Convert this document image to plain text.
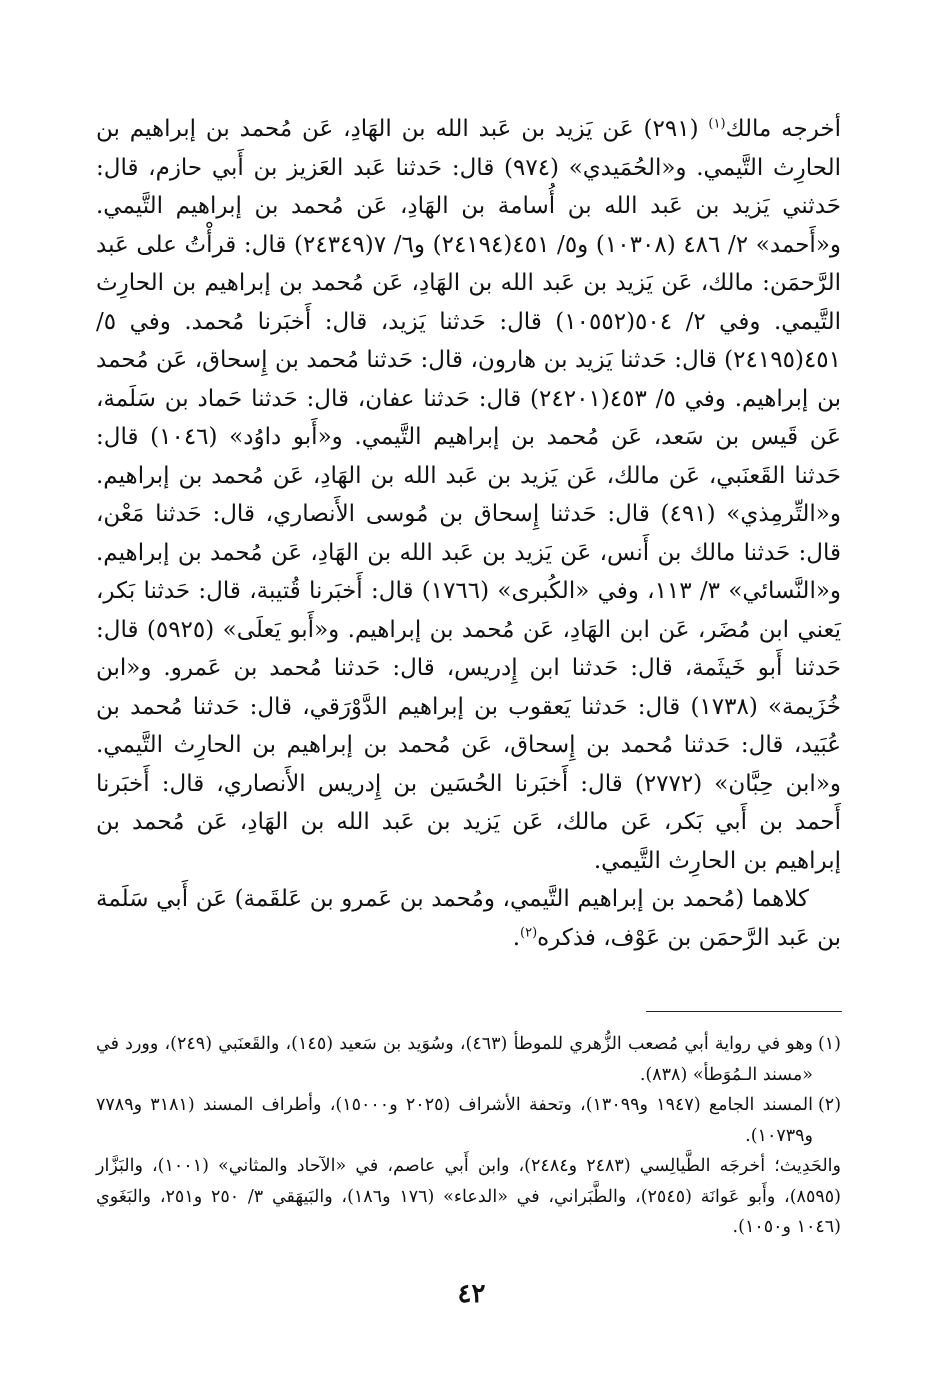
أخرجه مالك$^{(١)}$ (٢٩١) عَن يَزيد بن عَبد الله بن الهَادِ، عَن مُحمد بن إبراهيم بن الحارِث التَّيمي. و«الحُمَيدي» (٩٧٤) قال: حَدثنا عَبد العَزيز بن أَبي حازم، قال: حَدثني يَزيد بن عَبد الله بن أُسامة بن الهَادِ، عَن مُحمد بن إبراهيم التَّيمي. و«أَحمد» ٢/ ٤٨٦ (١٠٣٠٨) و٥/ ٤٥١(٢٤١٩٤) و٦/ ٧(٢٤٣٤٩) قال: قرأْتُ على عَبد الرَّحمَن: مالك، عَن يَزيد بن عَبد الله بن الهَادِ، عَن مُحمد بن إبراهيم بن الحارِث التَّيمي. وفي ٢/ ٥٠٤(١٠٥٥٢) قال: حَدثنا يَزيد، قال: أَخبَرنا مُحمد. وفي ٥/ ٤٥١(٢٤١٩٥) قال: حَدثنا يَزيد بن هارون، قال: حَدثنا مُحمد بن إِسحاق، عَن مُحمد بن إبراهيم. وفي ٥/ ٤٥٣(٢٤٢٠١) قال: حَدثنا عفان، قال: حَدثنا حَماد بن سَلَمة، عَن قَيس بن سَعد، عَن مُحمد بن إبراهيم التَّيمي. و«أَبو داوُد» (١٠٤٦) قال: حَدثنا القَعنَبي، عَن مالك، عَن يَزيد بن عَبد الله بن الهَادِ، عَن مُحمد بن إبراهيم. و«التِّرمِذي» (٤٩١) قال: حَدثنا إِسحاق بن مُوسى الأَنصاري، قال: حَدثنا مَعْن، قال: حَدثنا مالك بن أَنس، عَن يَزيد بن عَبد الله بن الهَادِ، عَن مُحمد بن إبراهيم. و«النَّسائي» ٣/ ١١٣، وفي «الكُبرى» (١٧٦٦) قال: أَخبَرنا قُتيبة، قال: حَدثنا بَكر، يَعني ابن مُضَر، عَن ابن الهَادِ، عَن مُحمد بن إبراهيم. و«أَبو يَعلَى» (٥٩٢٥) قال: حَدثنا أَبو خَيثَمة، قال: حَدثنا ابن إِدريس، قال: حَدثنا مُحمد بن عَمرو. و«ابن خُزَيمة» (١٧٣٨) قال: حَدثنا يَعقوب بن إبراهيم الدَّوْرَقي، قال: حَدثنا مُحمد بن عُبَيد، قال: حَدثنا مُحمد بن إِسحاق، عَن مُحمد بن إبراهيم بن الحارِث التَّيمي. و«ابن حِبَّان» (٢٧٧٢) قال: أَخبَرنا الحُسَين بن إِدريس الأَنصاري، قال: أَخبَرنا أَحمد بن أَبي بَكر، عَن مالك، عَن يَزيد بن عَبد الله بن الهَادِ، عَن مُحمد بن إبراهيم بن الحارِث التَّيمي.

كلاهما (مُحمد بن إبراهيم التَّيمي، ومُحمد بن عَمرو بن عَلقَمة) عَن أَبي سَلَمة بن عَبد الرَّحمَن بن عَوْف، فذكره$^{(٢)}$.

(١)وهو في رواية أبي مُصعب الزُّهري للموطأ (٤٦٣)، وسُوَيد بن سَعيد (١٤٥)، والقَعنَبي (٢٤٩)، وورد في «مسند الـمُوَطأ» (٨٣٨).

(٢)المسند الجامع (١٩٤٧ و١٣٠٩٩)، وتحفة الأشراف (٢٠٢٥ و١٥٠٠٠)، وأطراف المسند (٣١٨١ و٧٧٨٩ و١٠٧٣٩).

والحَدِيث؛ أخرجَه الطَّيالِسي (٢٤٨٣ و٢٤٨٤)، وابن أَبي عاصم، في «الآحاد والمثاني» (١٠٠١)، والبَزَّار (٨٥٩٥)، وأَبو عَوانَة (٢٥٤٥)، والطَّبَراني، في «الدعاء» (١٧٦ و١٨٦)، والبَيهَقي ٣/ ٢٥٠ و٢٥١، والبَغَوي (١٠٤٦ و١٠٥٠).

٤٢
